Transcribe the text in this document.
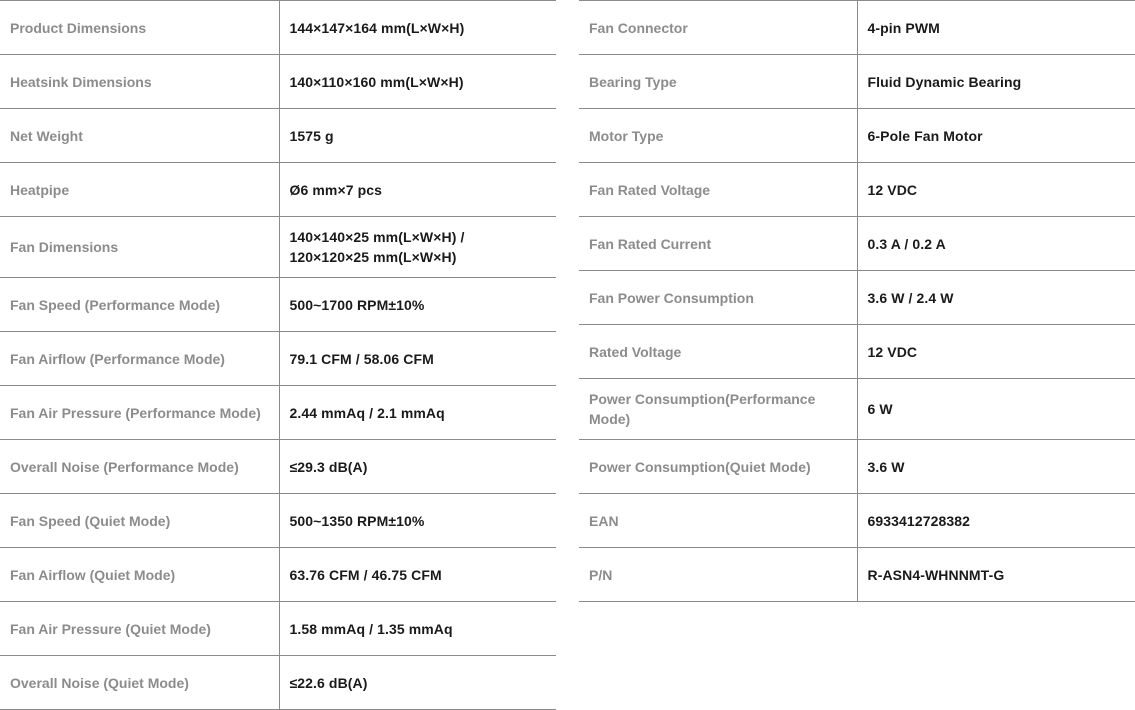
Product Dimensions	144×147×164 mm(L×W×H)
Heatsink Dimensions	140×110×160 mm(L×W×H)
Net Weight	1575 g
Heatpipe	Ø6 mm×7 pcs
Fan Dimensions	140×140×25 mm(L×W×H) / 120×120×25 mm(L×W×H)
Fan Speed (Performance Mode)	500~1700 RPM±10%
Fan Airflow (Performance Mode)	79.1 CFM / 58.06 CFM
Fan Air Pressure (Performance Mode)	2.44 mmAq / 2.1 mmAq
Overall Noise (Performance Mode)	≤29.3 dB(A)
Fan Speed (Quiet Mode)	500~1350 RPM±10%
Fan Airflow (Quiet Mode)	63.76 CFM / 46.75 CFM
Fan Air Pressure (Quiet Mode)	1.58 mmAq / 1.35 mmAq
Overall Noise (Quiet Mode)	≤22.6 dB(A)
Fan Connector	4-pin PWM
Bearing Type	Fluid Dynamic Bearing
Motor Type	6-Pole Fan Motor
Fan Rated Voltage	12 VDC
Fan Rated Current	0.3 A / 0.2 A
Fan Power Consumption	3.6 W / 2.4 W
Rated Voltage	12 VDC
Power Consumption(Performance Mode)	6 W
Power Consumption(Quiet Mode)	3.6 W
EAN	6933412728382
P/N	R-ASN4-WHNNMT-G
